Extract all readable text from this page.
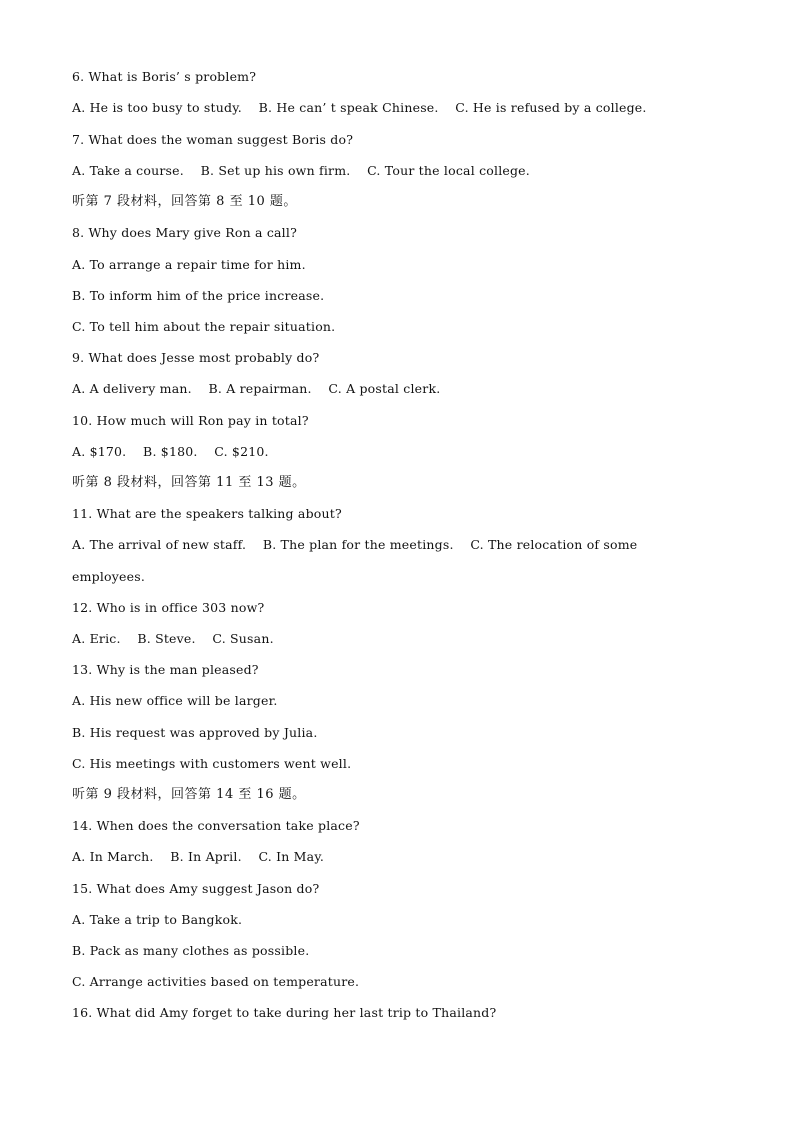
6. What is Boris’ s problem?
A. He is too busy to study.    B. He can’ t speak Chinese.    C. He is refused by a college.
7. What does the woman suggest Boris do?
A. Take a course.    B. Set up his own firm.    C. Tour the local college.
听第 7 段材料，回答第 8 至 10 题。
8. Why does Mary give Ron a call?
A. To arrange a repair time for him.
B. To inform him of the price increase.
C. To tell him about the repair situation.
9. What does Jesse most probably do?
A. A delivery man.    B. A repairman.    C. A postal clerk.
10. How much will Ron pay in total?
A. $170.    B. $180.    C. $210.
听第 8 段材料，回答第 11 至 13 题。
11. What are the speakers talking about?
A. The arrival of new staff.    B. The plan for the meetings.    C. The relocation of some
employees.
12. Who is in office 303 now?
A. Eric.    B. Steve.    C. Susan.
13. Why is the man pleased?
A. His new office will be larger.
B. His request was approved by Julia.
C. His meetings with customers went well.
听第 9 段材料，回答第 14 至 16 题。
14. When does the conversation take place?
A. In March.    B. In April.    C. In May.
15. What does Amy suggest Jason do?
A. Take a trip to Bangkok.
B. Pack as many clothes as possible.
C. Arrange activities based on temperature.
16. What did Amy forget to take during her last trip to Thailand?
